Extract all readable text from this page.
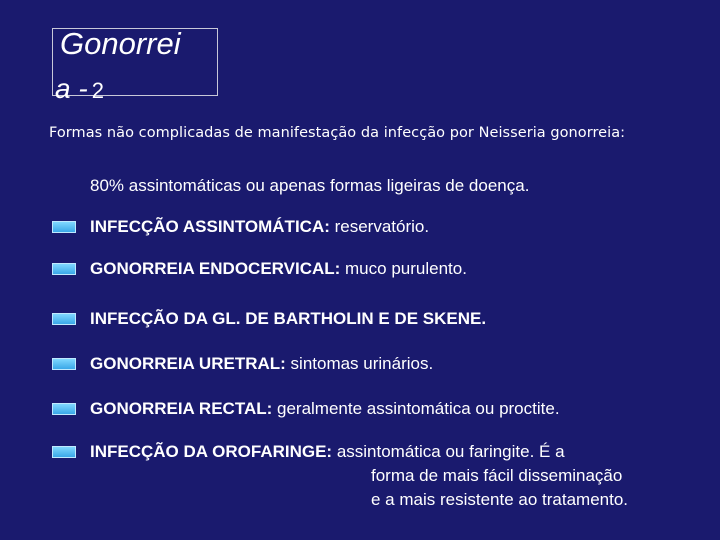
Gonorrei
a - 2
Formas não complicadas de manifestação da infecção por Neisseria gonorreia:
80% assintomáticas ou apenas formas ligeiras de doença.
INFECÇÃO ASSINTOMÁTICA: reservatório.
GONORREIA ENDOCERVICAL: muco purulento.
INFECÇÃO DA GL. DE BARTHOLIN E DE SKENE.
GONORREIA URETRAL: sintomas urinários.
GONORREIA RECTAL: geralmente assintomática ou proctite.
INFECÇÃO DA OROFARINGE: assintomática ou faringite. É a
forma de mais fácil disseminação
e a mais resistente ao tratamento.
